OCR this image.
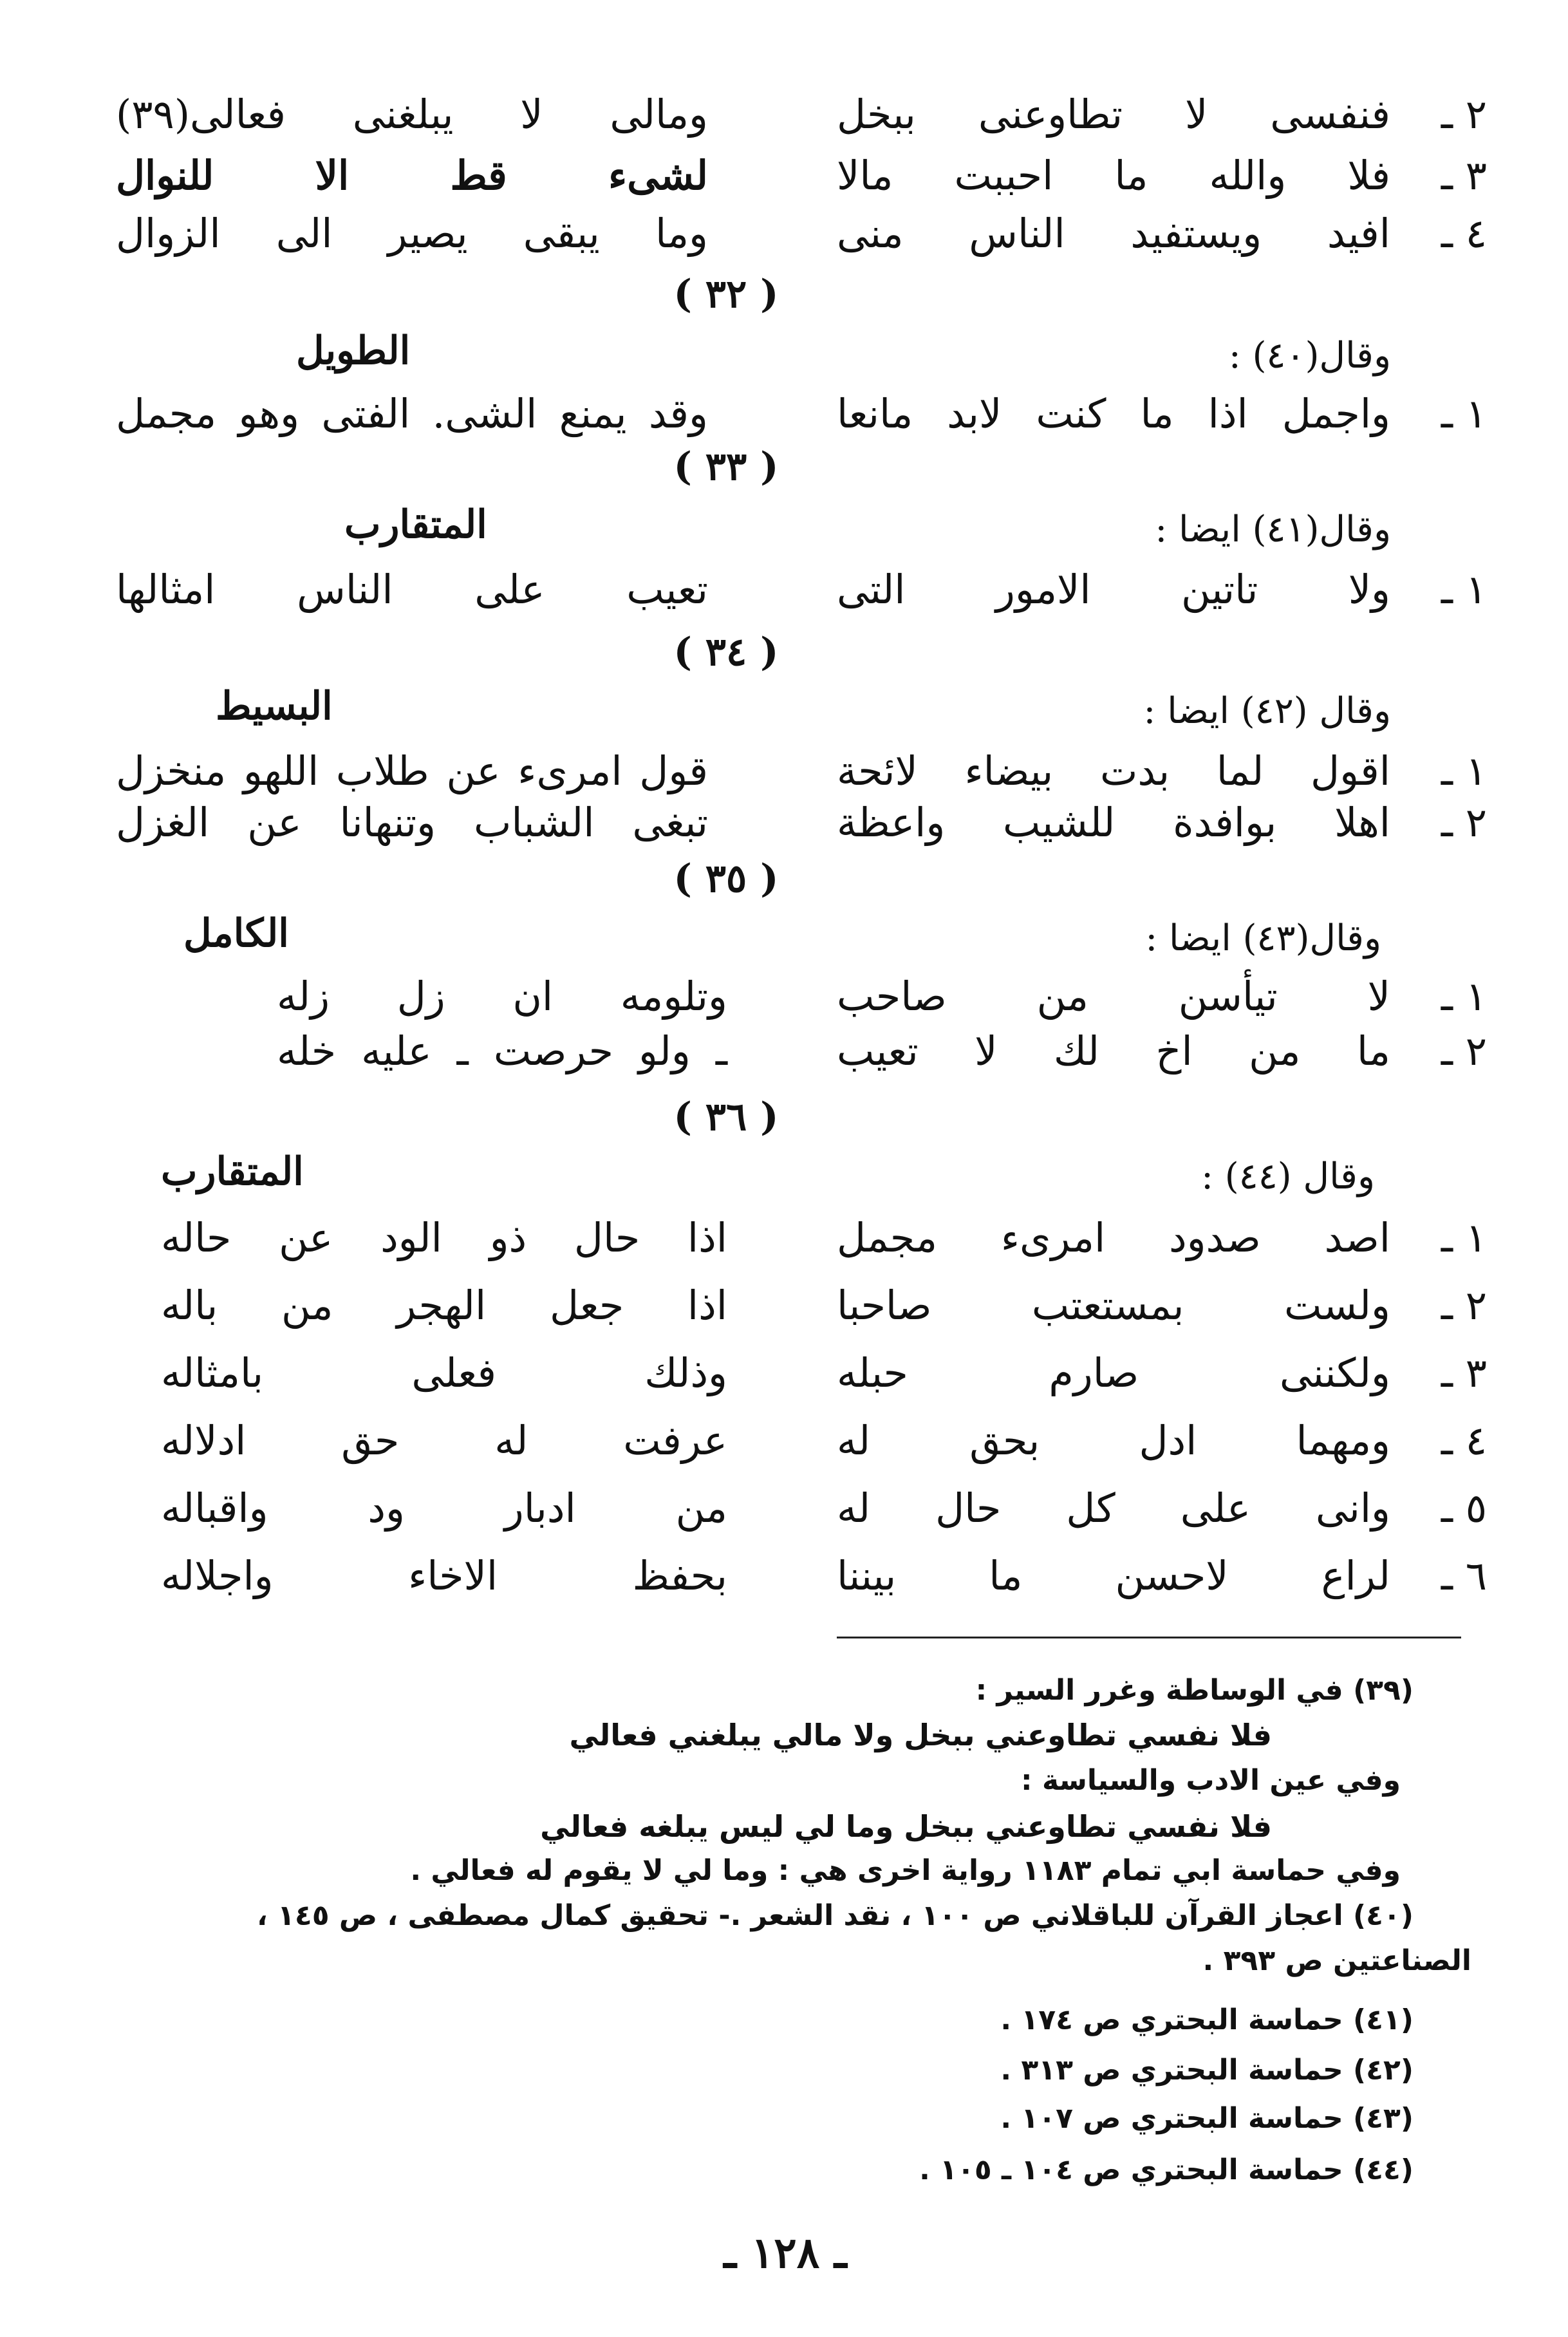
٢ ـ
فنفسى لا تطاوعنى ببخل
ومالى لا يبلغنى فعالى(٣٩)
٣ ـ
فلا والله ما احببت مالا
لشىء قط الا للنوال
٤ ـ
افيد ويستفيد الناس منى
وما يبقى يصير الى الزوال
( ٣٢ )
وقال(٤٠) :
الطويل
١ ـ
واجمل اذا ما كنت لابد مانعا
وقد يمنع الشى. الفتى وهو مجمل
( ٣٣ )
وقال(٤١) ايضا :
المتقارب
١ ـ
ولا تاتين الامور التى
تعيب على الناس امثالها
( ٣٤ )
وقال (٤٢) ايضا :
البسيط
١ ـ
اقول لما بدت بيضاء لائحة
قول امرىء عن طلاب اللهو منخزل
٢ ـ
اهلا بوافدة للشيب واعظة
تبغى الشباب وتنهانا عن الغزل
( ٣٥ )
وقال(٤٣) ايضا :
الكامل
١ ـ
لا تيأسن من صاحب
وتلومه ان زل زله
٢ ـ
ما من اخ لك لا تعيب
ـ ولو حرصت ـ عليه خله
( ٣٦ )
وقال (٤٤) :
المتقارب
١ ـ
اصد صدود امرىء مجمل
اذا حال ذو الود عن حاله
٢ ـ
ولست بمستعتب صاحبا
اذا جعل الهجر من باله
٣ ـ
ولكننى صارم حبله
وذلك فعلى بامثاله
٤ ـ
ومهما ادل بحق له
عرفت له حق ادلاله
٥ ـ
وانى على كل حال له
من ادبار ود واقباله
٦ ـ
لراع لاحسن ما بيننا
بحفظ الاخاء واجلاله
(٣٩) في الوساطة وغرر السير :
فلا نفسي تطاوعني ببخل ولا مالي يبلغني فعالي
وفي عين الادب والسياسة :
فلا نفسي تطاوعني ببخل وما لي ليس يبلغه فعالي
وفي حماسة ابي تمام ١١٨٣ رواية اخرى هي : وما لي لا يقوم له فعالي .
(٤٠) اعجاز القرآن للباقلاني ص ١٠٠ ، نقد الشعر .- تحقيق كمال مصطفى ، ص ١٤٥ ،
الصناعتين ص ٣٩٣ .
(٤١) حماسة البحتري ص ١٧٤ .
(٤٢) حماسة البحتري ص ٣١٣ .
(٤٣) حماسة البحتري ص ١٠٧ .
(٤٤) حماسة البحتري ص ١٠٤ ـ ١٠٥ .
ـ ١٢٨ ـ
